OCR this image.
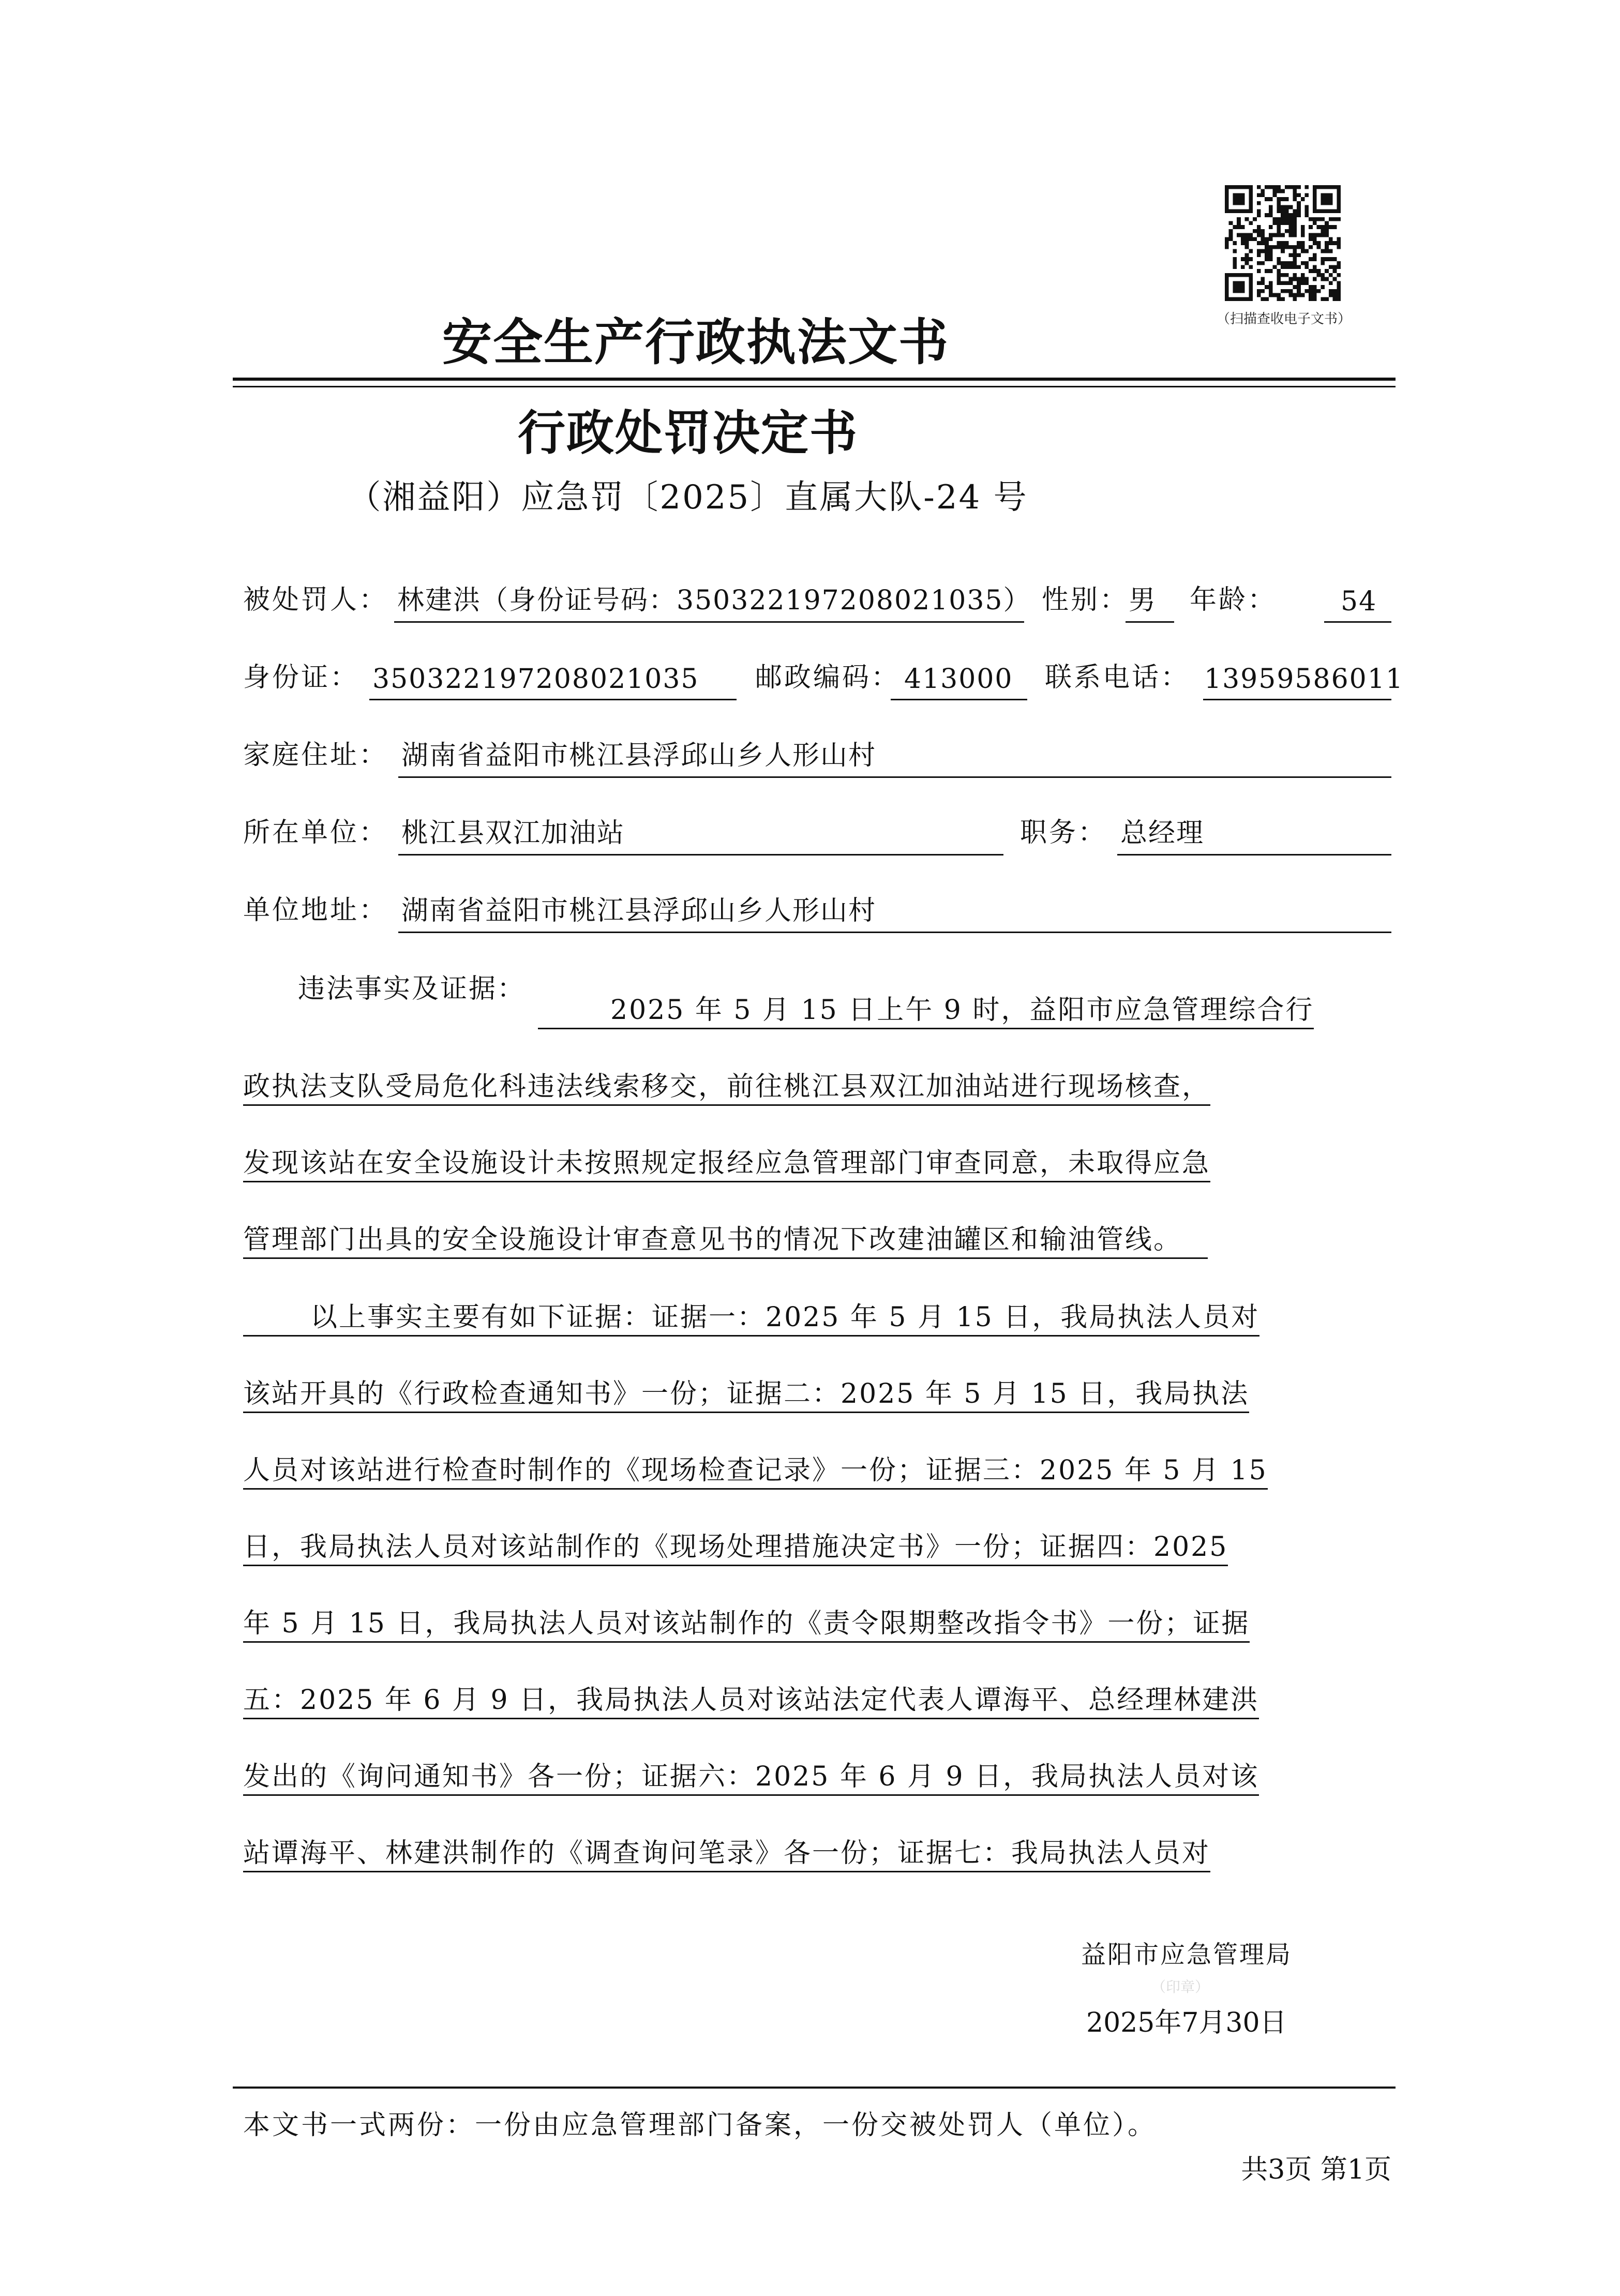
（扫描查收电子文书）
安全生产行政执法文书
行政处罚决定书
（湘益阳）应急罚〔2025〕直属大队-24 号
被处罚人： 林建洪（身份证号码：350322197208021035） 性别： 男 年龄： 54
身份证： 350322197208021035 邮政编码： 413000 联系电话： 13959586011
家庭住址： 湖南省益阳市桃江县浮邱山乡人形山村
所在单位： 桃江县双江加油站	职务： 总经理
单位地址： 湖南省益阳市桃江县浮邱山乡人形山村
违法事实及证据：
2025 年 5 月 15 日上午 9 时，益阳市应急管理综合行
政执法支队受局危化科违法线索移交，前往桃江县双江加油站进行现场核查，
发现该站在安全设施设计未按照规定报经应急管理部门审查同意，未取得应急
管理部门出具的安全设施设计审查意见书的情况下改建油罐区和输油管线。
以上事实主要有如下证据：证据一：2025 年 5 月 15 日，我局执法人员对
该站开具的《行政检查通知书》一份；证据二：2025 年 5 月 15 日，我局执法
人员对该站进行检查时制作的《现场检查记录》一份；证据三：2025 年 5 月 15
日，我局执法人员对该站制作的《现场处理措施决定书》一份；证据四：2025
年 5 月 15 日，我局执法人员对该站制作的《责令限期整改指令书》一份；证据
五：2025 年 6 月 9 日，我局执法人员对该站法定代表人谭海平、总经理林建洪
发出的《询问通知书》各一份；证据六：2025 年 6 月 9 日，我局执法人员对该
站谭海平、林建洪制作的《调查询问笔录》各一份；证据七：我局执法人员对
益阳市应急管理局
（印章）
2025年7月30日
本文书一式两份：一份由应急管理部门备案，一份交被处罚人（单位）。
共3页 第1页
